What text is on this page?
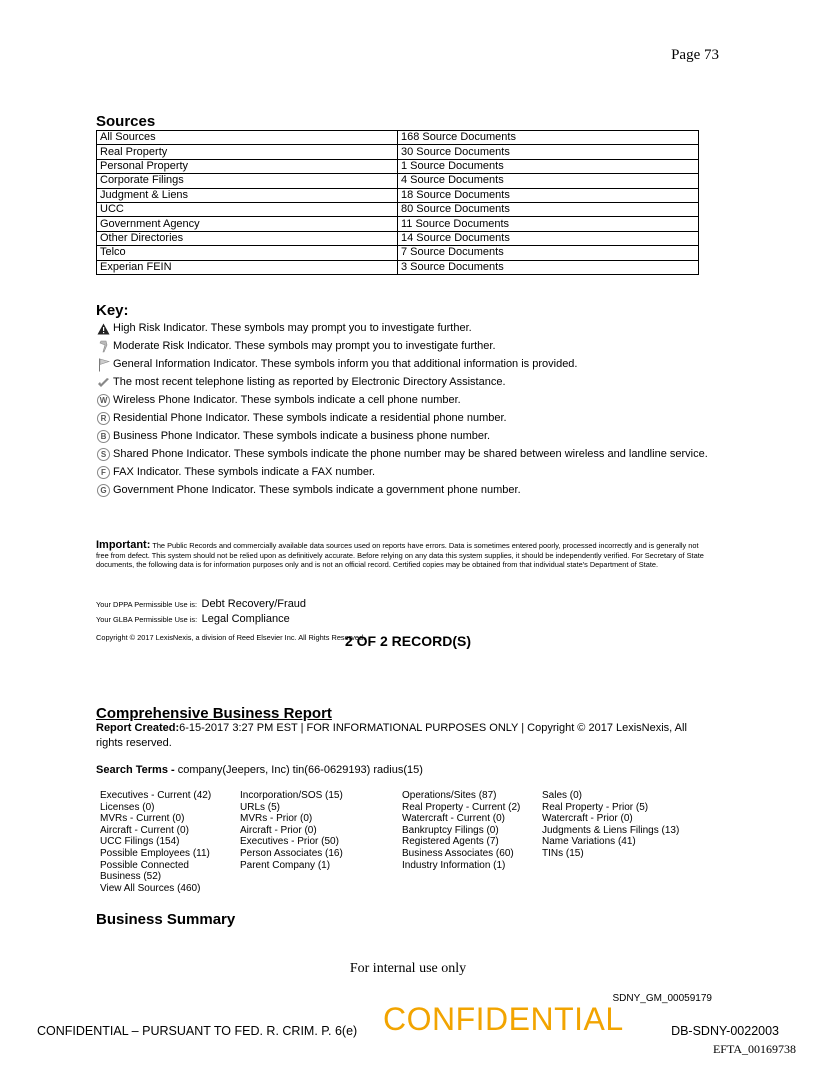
Page 73
Sources
All Sources	168 Source Documents
Real Property	30 Source Documents
Personal Property	1 Source Documents
Corporate Filings	4 Source Documents
Judgment & Liens	18 Source Documents
UCC	80 Source Documents
Government Agency	11 Source Documents
Other Directories	14 Source Documents
Telco	7 Source Documents
Experian FEIN	3 Source Documents
Key:
High Risk Indicator. These symbols may prompt you to investigate further.
Moderate Risk Indicator. These symbols may prompt you to investigate further.
General Information Indicator. These symbols inform you that additional information is provided.
The most recent telephone listing as reported by Electronic Directory Assistance.
W Wireless Phone Indicator. These symbols indicate a cell phone number.
R Residential Phone Indicator. These symbols indicate a residential phone number.
B Business Phone Indicator. These symbols indicate a business phone number.
S Shared Phone Indicator. These symbols indicate the phone number may be shared between wireless and landline service.
F FAX Indicator. These symbols indicate a FAX number.
G Government Phone Indicator. These symbols indicate a government phone number.
Important: The Public Records and commercially available data sources used on reports have errors. Data is sometimes entered poorly, processed incorrectly and is generally not free from defect. This system should not be relied upon as definitively accurate. Before relying on any data this system supplies, it should be independently verified. For Secretary of State documents, the following data is for information purposes only and is not an official record. Certified copies may be obtained from that individual state's Department of State.
Your DPPA Permissible Use is: Debt Recovery/Fraud
Your GLBA Permissible Use is: Legal Compliance
Copyright © 2017 LexisNexis, a division of Reed Elsevier Inc. All Rights Reserved.
2 OF 2 RECORD(S)
Comprehensive Business Report
Report Created:6-15-2017 3:27 PM EST | FOR INFORMATIONAL PURPOSES ONLY | Copyright © 2017 LexisNexis, All rights reserved.
Search Terms - company(Jeepers, Inc) tin(66-0629193) radius(15)
Executives - Current (42)
Licenses (0)
MVRs - Current (0)
Aircraft - Current (0)
UCC Filings (154)
Possible Employees (11)
Possible Connected
Business (52)
View All Sources (460)
Incorporation/SOS (15)
URLs (5)
MVRs - Prior (0)
Aircraft - Prior (0)
Executives - Prior (50)
Person Associates (16)
Parent Company (1)
Operations/Sites (87)
Real Property - Current (2)
Watercraft - Current (0)
Bankruptcy Filings (0)
Registered Agents (7)
Business Associates (60)
Industry Information (1)
Sales (0)
Real Property - Prior (5)
Watercraft - Prior (0)
Judgments & Liens Filings (13)
Name Variations (41)
TINs (15)
Business Summary
For internal use only
SDNY_GM_00059179
CONFIDENTIAL – PURSUANT TO FED. R. CRIM. P. 6(e) CONFIDENTIAL	DB-SDNY-0022003
EFTA_00169738
